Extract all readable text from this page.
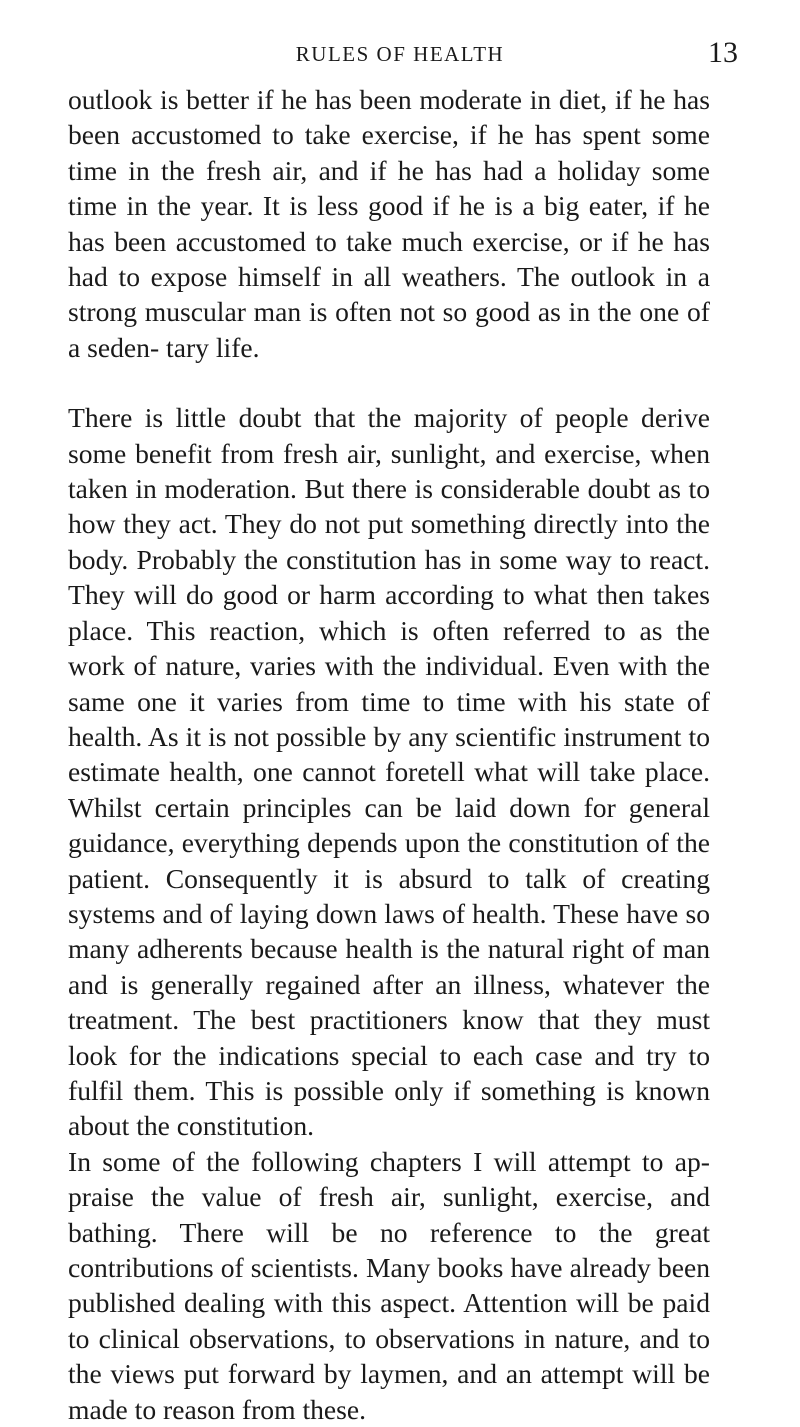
RULES OF HEALTH	13

outlook is better if he has been moderate in diet, if he has been accustomed to take exercise, if he has spent some time in the fresh air, and if he has had a holiday some time in the year. It is less good if he is a big eater, if he has been accustomed to take much exercise, or if he has had to expose himself in all weathers. The outlook in a strong muscular man is often not so good as in the one of a seden- tary life.

There is little doubt that the majority of people derive some benefit from fresh air, sunlight, and exercise, when taken in moderation. But there is considerable doubt as to how they act. They do not put something directly into the body. Probably the constitution has in some way to react. They will do good or harm according to what then takes place. This reaction, which is often referred to as the work of nature, varies with the individual. Even with the same one it varies from time to time with his state of health. As it is not possible by any scientific instrument to estimate health, one cannot foretell what will take place. Whilst certain principles can be laid down for general guidance, everything depends upon the constitution of the patient. Consequently it is absurd to talk of creating systems and of laying down laws of health. These have so many adherents because health is the natural right of man and is generally regained after an illness, whatever the treatment. The best practitioners know that they must look for the indications special to each case and try to fulfil them. This is possible only if something is known about the constitution.

In some of the following chapters I will attempt to ap- praise the value of fresh air, sunlight, exercise, and bathing. There will be no reference to the great contributions of scientists. Many books have already been published dealing with this aspect. Attention will be paid to clinical observations, to observations in nature, and to the views put forward by laymen, and an attempt will be made to reason from these.
